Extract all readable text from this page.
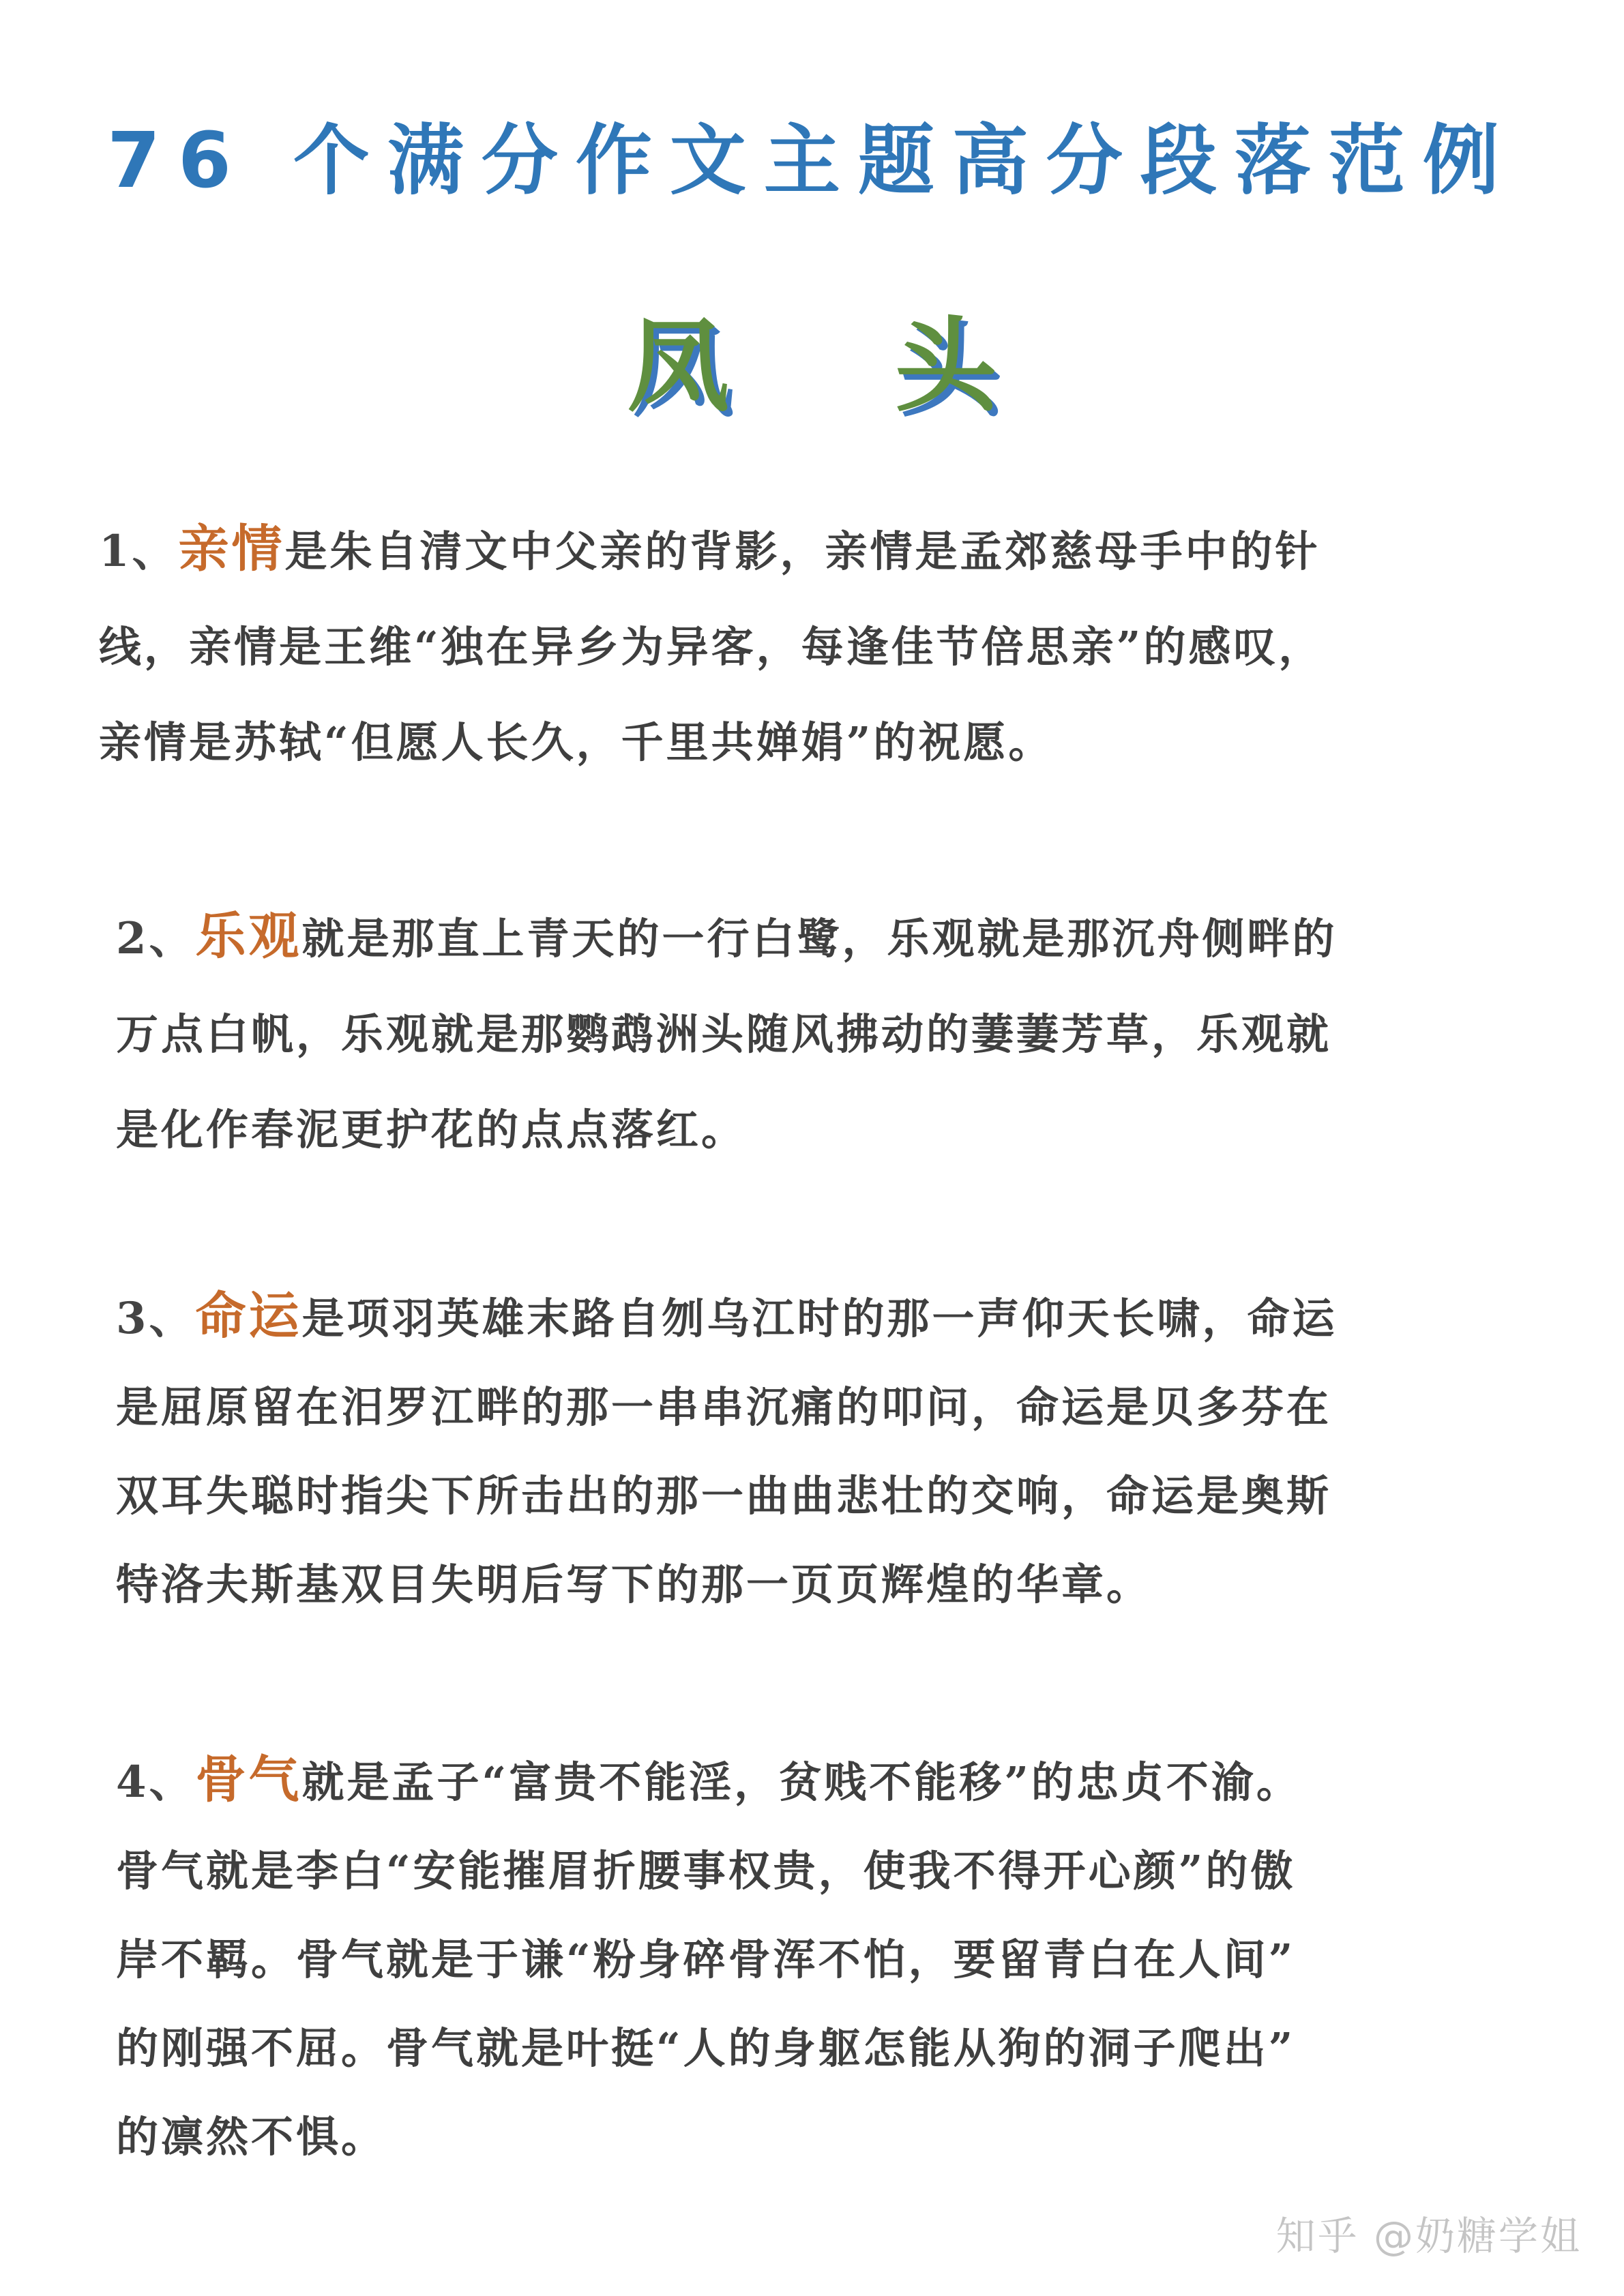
76 个满分作文主题高分段落范例
凤 头
1、亲情是朱自清文中父亲的背影，亲情是孟郊慈母手中的针
线，亲情是王维“独在异乡为异客，每逢佳节倍思亲”的感叹，
亲情是苏轼“但愿人长久，千里共婵娟”的祝愿。
2、乐观就是那直上青天的一行白鹭，乐观就是那沉舟侧畔的
万点白帆，乐观就是那鹦鹉洲头随风拂动的萋萋芳草，乐观就
是化作春泥更护花的点点落红。
3、命运是项羽英雄末路自刎乌江时的那一声仰天长啸，命运
是屈原留在汨罗江畔的那一串串沉痛的叩问，命运是贝多芬在
双耳失聪时指尖下所击出的那一曲曲悲壮的交响，命运是奥斯
特洛夫斯基双目失明后写下的那一页页辉煌的华章。
4、骨气就是孟子“富贵不能淫，贫贱不能移”的忠贞不渝。
骨气就是李白“安能摧眉折腰事权贵，使我不得开心颜”的傲
岸不羁。骨气就是于谦“粉身碎骨浑不怕，要留青白在人间”
的刚强不屈。骨气就是叶挺“人的身躯怎能从狗的洞子爬出”
的凛然不惧。
知乎 @奶糖学姐
